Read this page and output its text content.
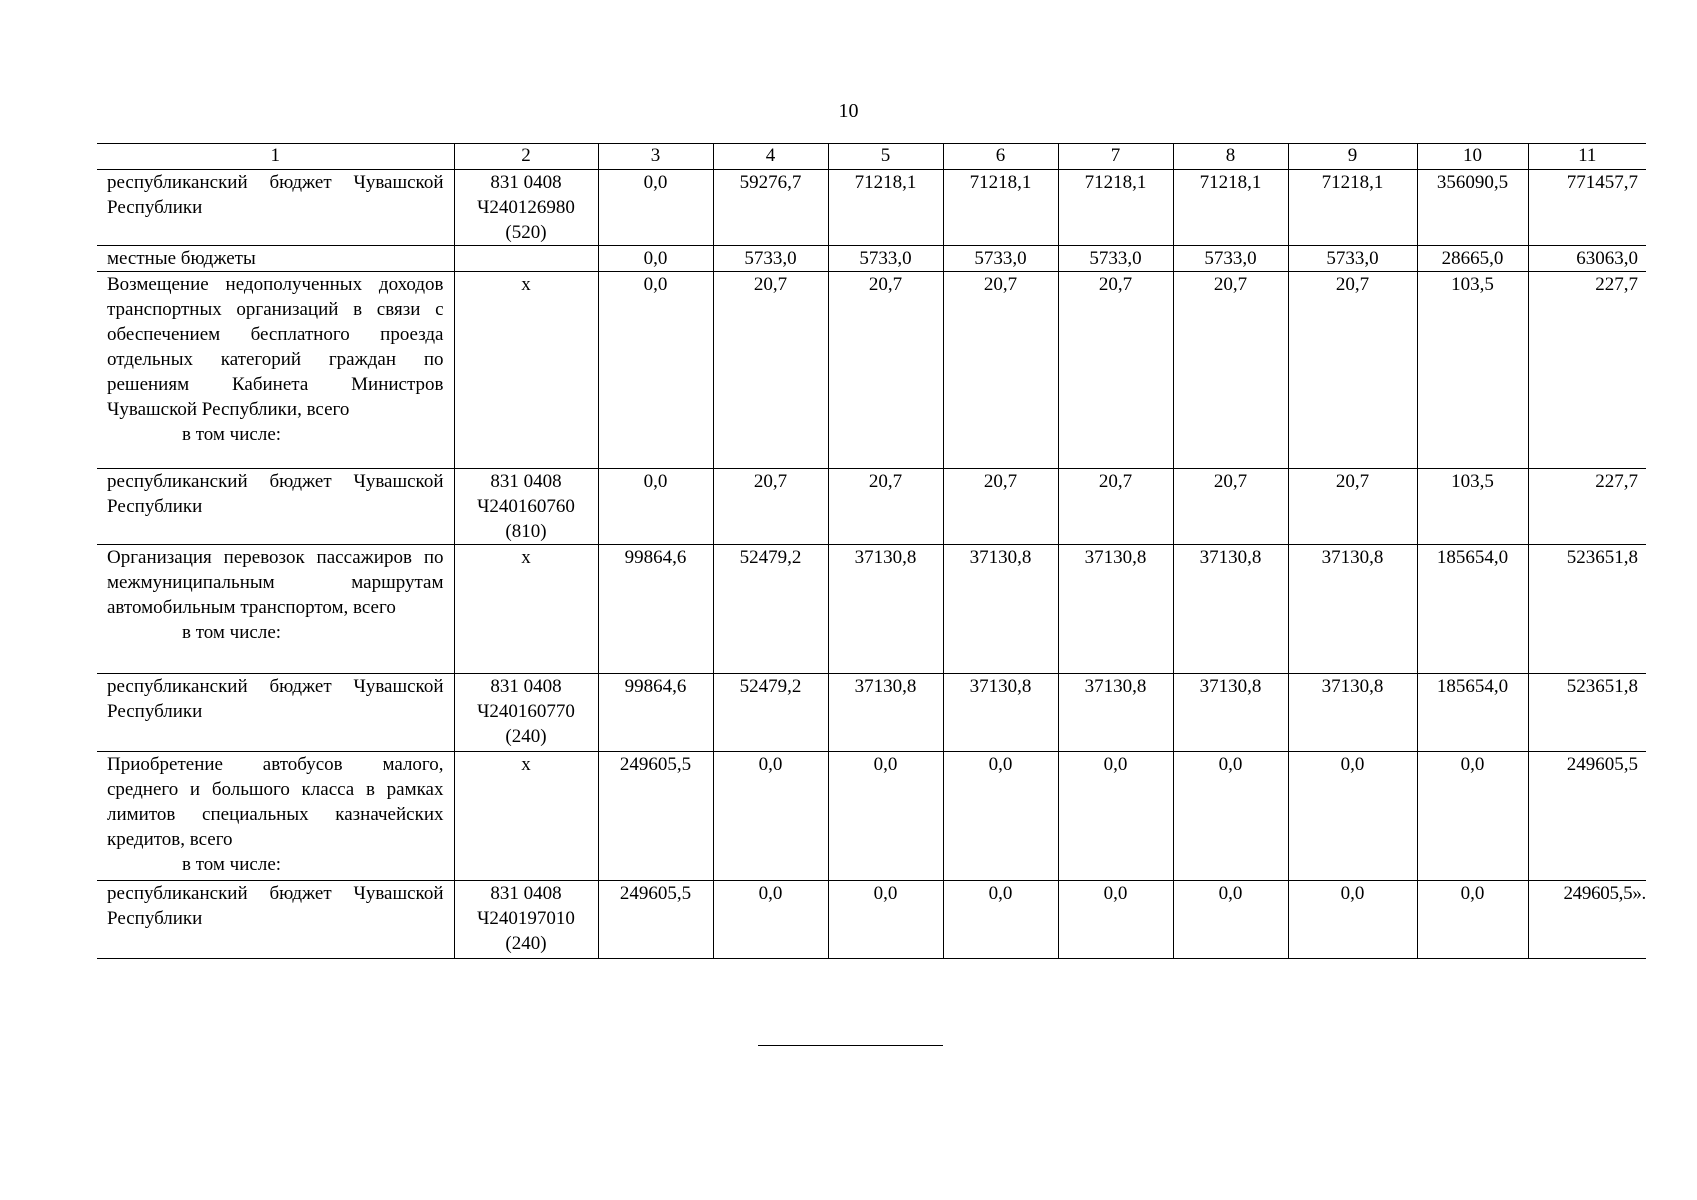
10
1	2	3	4	5	6	7	8	9	10	11

республиканский бюджет Чувашской Республики	831 0408
Ч240126980
(520)	0,0	59276,7	71218,1	71218,1	71218,1	71218,1	71218,1	356090,5	771457,7

местные бюджеты		0,0	5733,0	5733,0	5733,0	5733,0	5733,0	5733,0	28665,0	63063,0

Возмещение недополученных доходов транспортных организаций в связи с обеспечением бесплатного проезда отдельных категорий граждан по решениям Кабинета Министров Чувашской Республики, всего
в том числе:	x	0,0	20,7	20,7	20,7	20,7	20,7	20,7	103,5	227,7

республиканский бюджет Чувашской Республики	831 0408
Ч240160760
(810)	0,0	20,7	20,7	20,7	20,7	20,7	20,7	103,5	227,7

Организация перевозок пассажиров по межмуниципальным маршрутам автомобильным транспортом, всего
в том числе:	x	99864,6	52479,2	37130,8	37130,8	37130,8	37130,8	37130,8	185654,0	523651,8

республиканский бюджет Чувашской Республики	831 0408
Ч240160770
(240)	99864,6	52479,2	37130,8	37130,8	37130,8	37130,8	37130,8	185654,0	523651,8

Приобретение автобусов малого, среднего и большого класса в рамках лимитов специальных казначейских кредитов, всего
в том числе:	x	249605,5	0,0	0,0	0,0	0,0	0,0	0,0	0,0	249605,5

республиканский бюджет Чувашской Республики	831 0408
Ч240197010
(240)	249605,5	0,0	0,0	0,0	0,0	0,0	0,0	0,0	249605,5».
